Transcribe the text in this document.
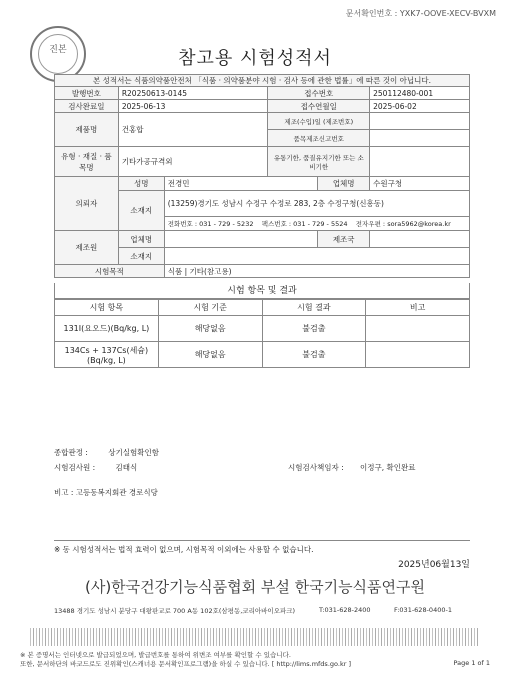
문서확인번호 : YXK7-OOVE-XECV-BVXM
진본	참고용 시험성적서
본 성적서는 식품의약품안전처 「식품 · 의약품분야 시험 · 검사 등에 관한 법률」에 따른 것이 아닙니다.
발행번호	R20250613-0145		접수번호		250112480-001
검사완료일	2025-06-13		접수연월일		2025-06-02
제품명	건홍합		제조(수입)일 (제조번호)		
			품목제조신고번호		
유형 · 재질 · 품목명	기타가공규격외		유통기한, 품질유지기한 또는 소비기한		
의뢰자	성명	전경민		업체명	수원구청
	소재지	(13259)경기도 성남시 수정구 수정로 283, 2층 수정구청(신흥동)			
		전화번호 : 031 - 729 - 5232 팩스번호 : 031 - 729 - 5524 전자우편 : sora5962@korea.kr			
제조원	업체명			제조국	
	소재지				
시험목적		식품 | 기타(참고용)			
시험 항목 및 결과
시험 항목	시험 기준	시험 결과	비고
131I(요오드)(Bq/kg, L)	해당없음	불검출	
134Cs + 137Cs(세슘) (Bq/kg, L)	해당없음	불검출	
종합판정 :	상기실험확인함
시험검사원 :	김태식	시험검사책임자 : 이정구, 확인완료
비고 : 고등동복지회관 경로식당
※ 동 시험성적서는 법적 효력이 없으며, 시험목적 이외에는 사용할 수 없습니다.
2025년06월13일
(사)한국건강기능식품협회 부설 한국기능식품연구원
13488 경기도 성남시 분당구 대왕판교로 700 A동 102호(삼평동,코리아바이오파크)	T:031-628-2400	F:031-628-0400-1
※ 본 증명서는 인터넷으로 발급되었으며, 발급번호를 통하여 위변조 여부를 확인할 수 있습니다.
또한, 문서하단의 바코드로도 진위확인(스캐너용 문서확인프로그램)을 하실 수 있습니다. [ http://lims.mfds.go.kr ]	Page 1 of 1
